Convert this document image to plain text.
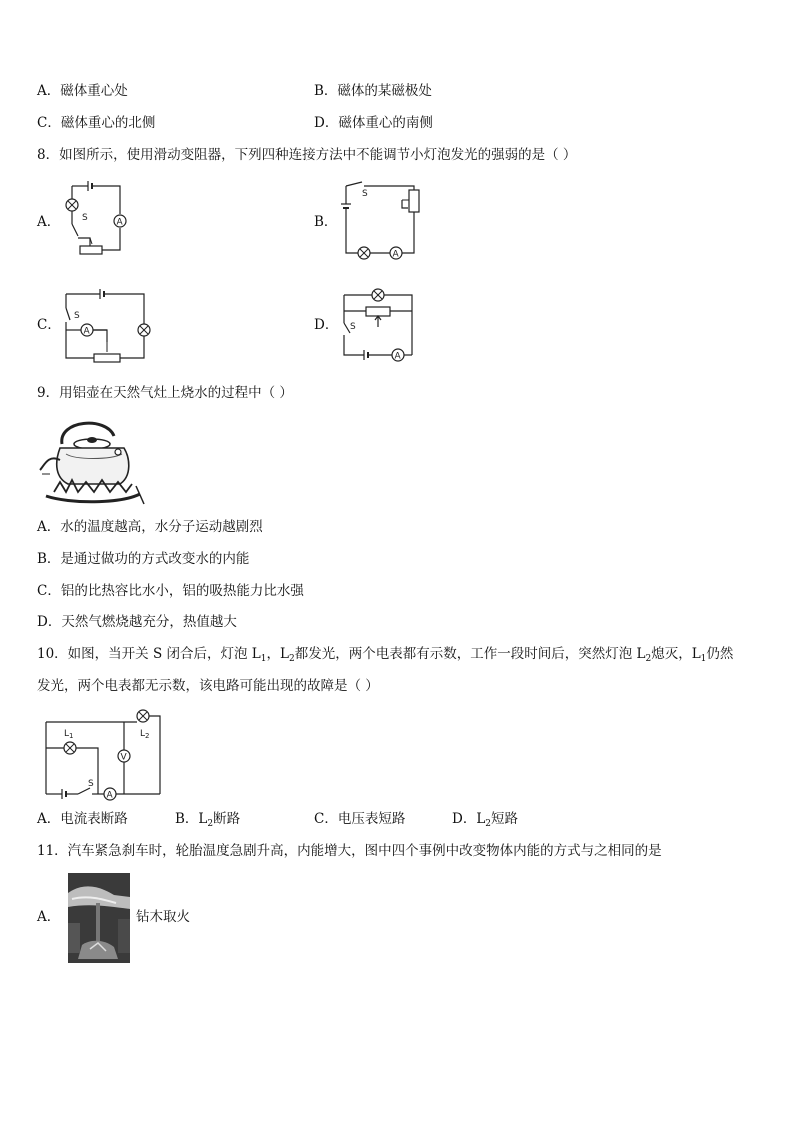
A．磁体重心处	B．磁体的某磁极处
C．磁体重心的北侧	D．磁体重心的南侧
8．如图所示，使用滑动变阻器，下列四种连接方法中不能调节小灯泡发光的强弱的是（ ）
A． S	A	B．
S
A
C．
S
A	D． S
A
9．用铝壶在天然气灶上烧水的过程中（ ）
A．水的温度越高，水分子运动越剧烈
B．是通过做功的方式改变水的内能
C．铝的比热容比水小，铝的吸热能力比水强
D．天然气燃烧越充分，热值越大
10．如图，当开关 S 闭合后，灯泡 $L_1$，$L_2$都发光，两个电表都有示数，工作一段时间后，突然灯泡 $L_2$熄灭，$L_1$仍然
发光，两个电表都无示数，该电路可能出现的故障是（ ）
$L_2$
$L_1$
V
S
A
A．电流表断路	B．$L_2$断路	C．电压表短路	D．$L_2$短路
11．汽车紧急刹车时，轮胎温度急剧升高，内能增大，图中四个事例中改变物体内能的方式与之相同的是
A．	钻木取火
